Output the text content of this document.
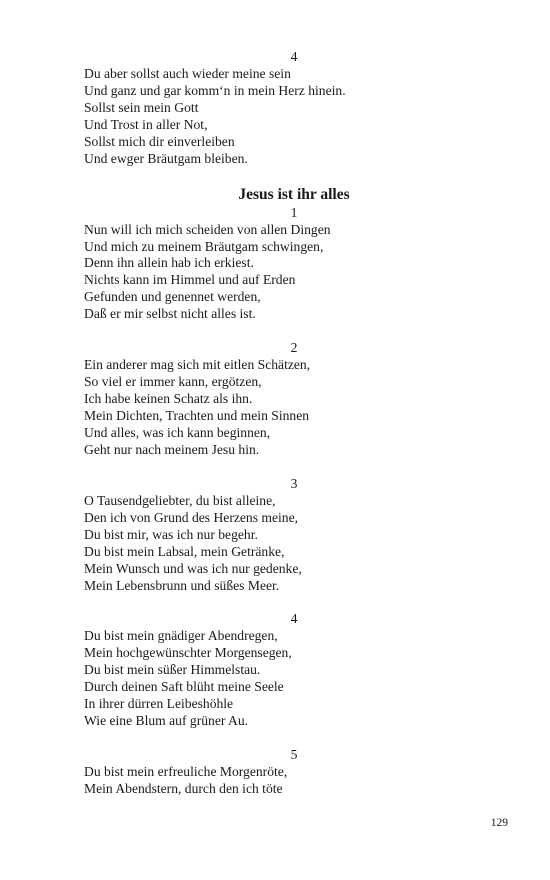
4
Du aber sollst auch wieder meine sein
Und ganz und gar komm‘n in mein Herz hinein.
Sollst sein mein Gott
Und Trost in aller Not,
Sollst mich dir einverleiben
Und ewger Bräutgam bleiben.
Jesus ist ihr alles
1
Nun will ich mich scheiden von allen Dingen
Und mich zu meinem Bräutgam schwingen,
Denn ihn allein hab ich erkiest.
Nichts kann im Himmel und auf Erden
Gefunden und genennet werden,
Daß er mir selbst nicht alles ist.
2
Ein anderer mag sich mit eitlen Schätzen,
So viel er immer kann, ergötzen,
Ich habe keinen Schatz als ihn.
Mein Dichten, Trachten und mein Sinnen
Und alles, was ich kann beginnen,
Geht nur nach meinem Jesu hin.
3
O Tausendgeliebter, du bist alleine,
Den ich von Grund des Herzens meine,
Du bist mir, was ich nur begehr.
Du bist mein Labsal, mein Getränke,
Mein Wunsch und was ich nur gedenke,
Mein Lebensbrunn und süßes Meer.
4
Du bist mein gnädiger Abendregen,
Mein hochgewünschter Morgensegen,
Du bist mein süßer Himmelstau.
Durch deinen Saft blüht meine Seele
In ihrer dürren Leibeshöhle
Wie eine Blum auf grüner Au.
5
Du bist mein erfreuliche Morgenröte,
Mein Abendstern, durch den ich töte
129
